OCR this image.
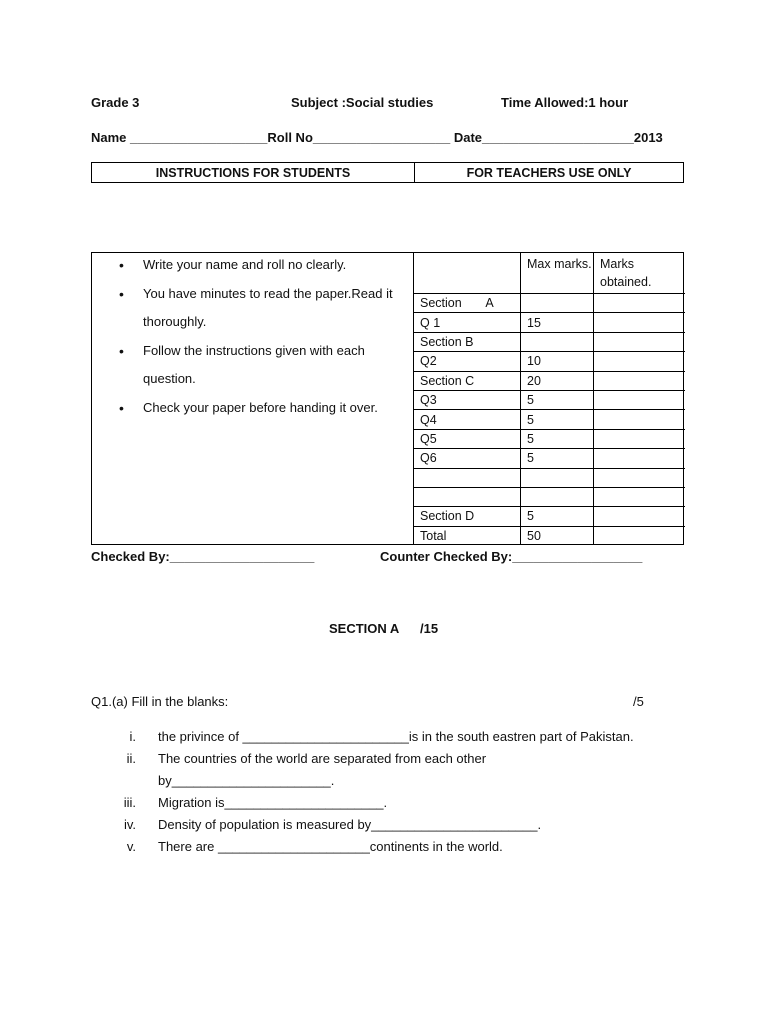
Grade 3	Subject :Social studies	Time Allowed:1 hour
Name ___________________Roll No___________________ Date_____________________2013
INSTRUCTIONS FOR STUDENTS	FOR TEACHERS USE ONLY
• Write your name and roll no clearly.
• You have minutes to read the paper.Read it thoroughly.
• Follow the instructions given with each question.
• Check your paper before handing it over.
	Max marks.	Marks obtained.
Section       A		
Q 1	15	
Section B		
Q2	10	
Section C	20	
Q3	5	
Q4	5	
Q5	5	
Q6	5	

Section D	5	
Total	50	
Checked By:____________________	Counter Checked By:__________________
SECTION A /15
Q1.(a) Fill in the blanks:	/5
i. the privince of _______________________is in the south eastren part of Pakistan.
ii. The countries of the world are separated from each other
by______________________.
iii. Migration is______________________.
iv. Density of population is measured by_______________________.
v. There are _____________________continents in the world.
